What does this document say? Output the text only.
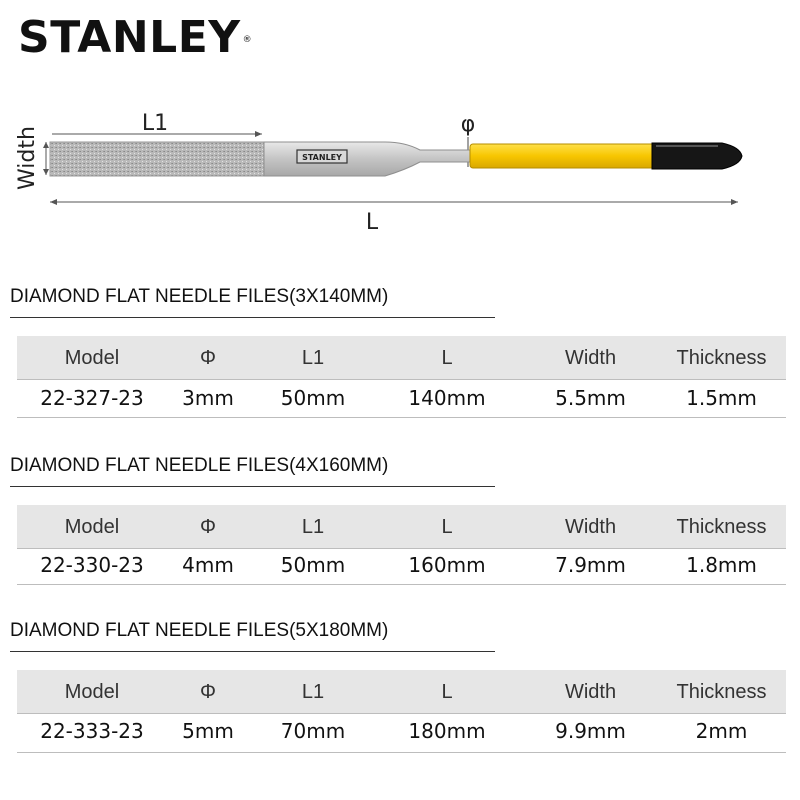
STANLEY ®
L1
Width
φ
STANLEY
L
DIAMOND FLAT NEEDLE FILES(3X140MM)
Model	Φ	L1	L	Width	Thickness
22-327-23	3mm	50mm	140mm	5.5mm	1.5mm
DIAMOND FLAT NEEDLE FILES(4X160MM)
Model	Φ	L1	L	Width	Thickness
22-330-23	4mm	50mm	160mm	7.9mm	1.8mm
DIAMOND FLAT NEEDLE FILES(5X180MM)
Model	Φ	L1	L	Width	Thickness
22-333-23	5mm	70mm	180mm	9.9mm	2mm
